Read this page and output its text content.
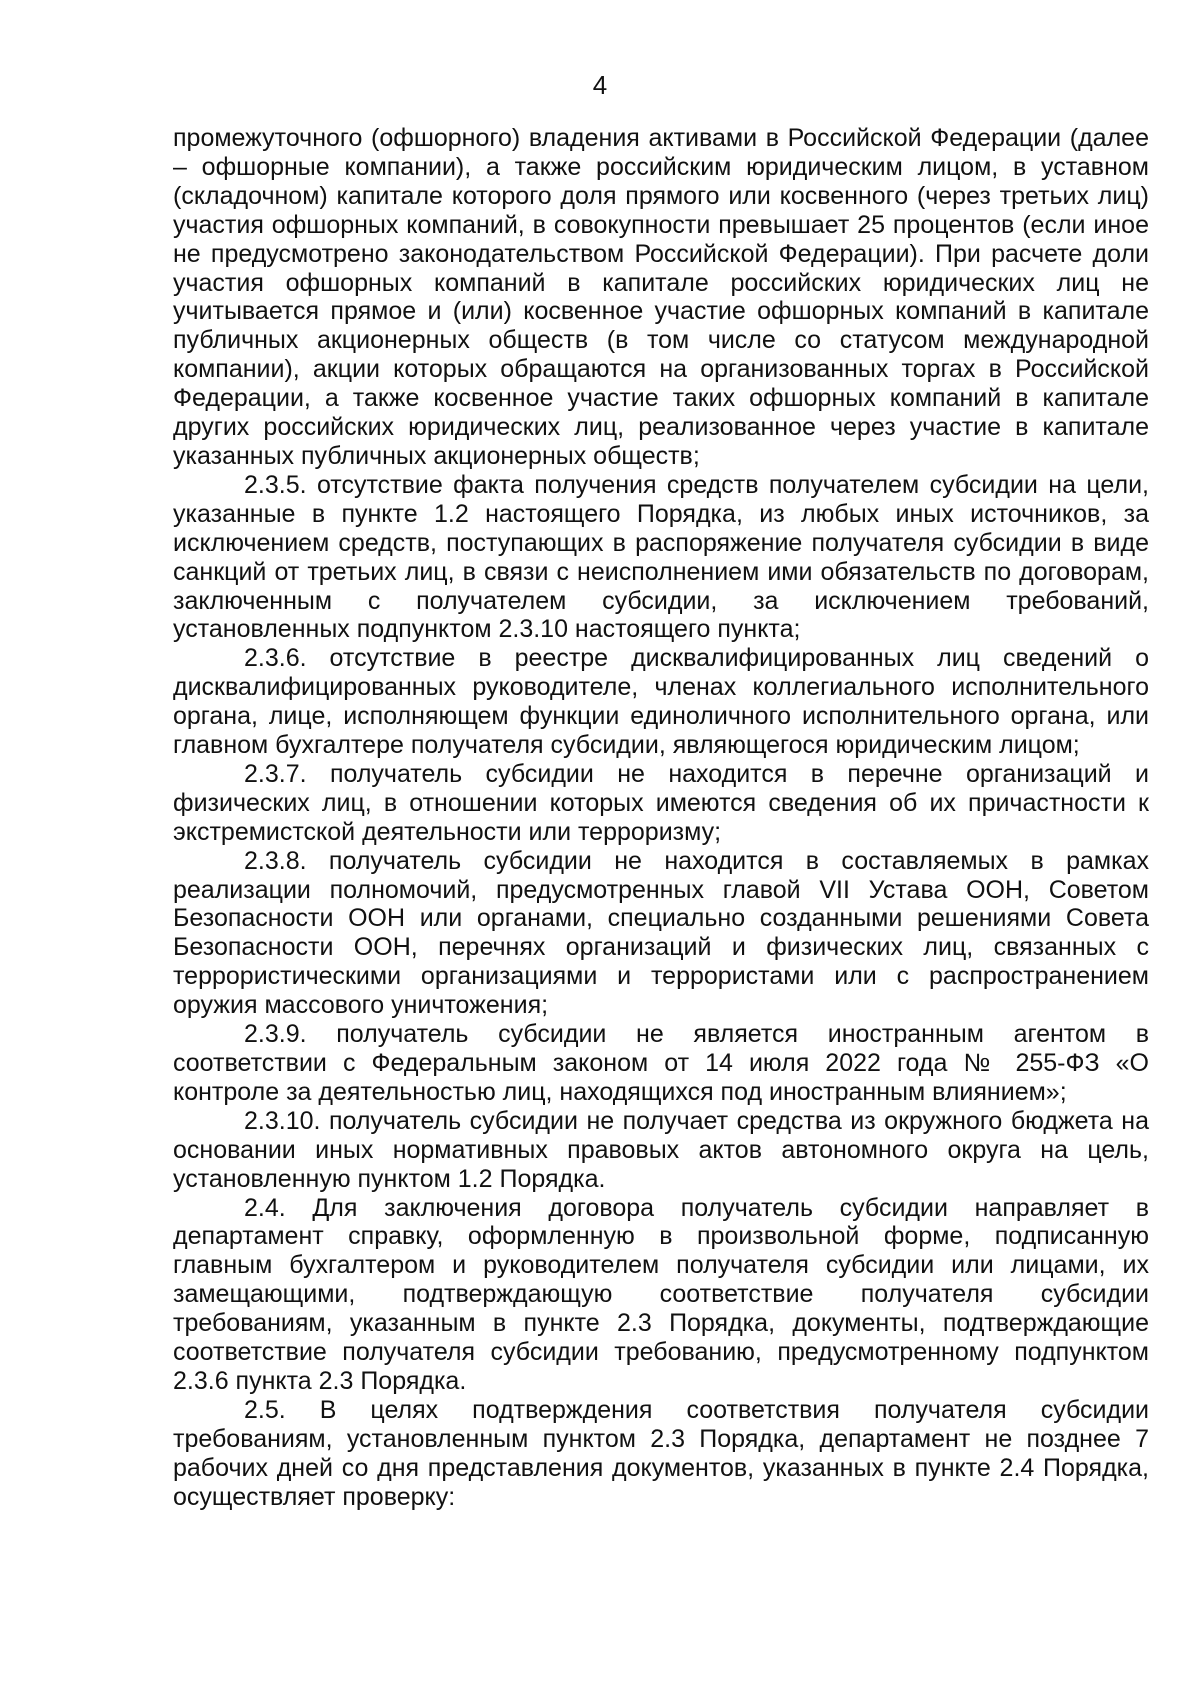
4

промежуточного (офшорного) владения активами в Российской Федерации (далее – офшорные компании), а также российским юридическим лицом, в уставном (складочном) капитале которого доля прямого или косвенного (через третьих лиц) участия офшорных компаний, в совокупности превышает 25 процентов (если иное не предусмотрено законодательством Российской Федерации). При расчете доли участия офшорных компаний в капитале российских юридических лиц не учитывается прямое и (или) косвенное участие офшорных компаний в капитале публичных акционерных обществ (в том числе со статусом международной компании), акции которых обращаются на организованных торгах в Российской Федерации, а также косвенное участие таких офшорных компаний в капитале других российских юридических лиц, реализованное через участие в капитале указанных публичных акционерных обществ;

2.3.5. отсутствие факта получения средств получателем субсидии на цели, указанные в пункте 1.2 настоящего Порядка, из любых иных источников, за исключением средств, поступающих в распоряжение получателя субсидии в виде санкций от третьих лиц, в связи с неисполнением ими обязательств по договорам, заключенным с получателем субсидии, за исключением требований, установленных подпунктом 2.3.10 настоящего пункта;

2.3.6. отсутствие в реестре дисквалифицированных лиц сведений о дисквалифицированных руководителе, членах коллегиального исполнительного органа, лице, исполняющем функции единоличного исполнительного органа, или главном бухгалтере получателя субсидии, являющегося юридическим лицом;

2.3.7. получатель субсидии не находится в перечне организаций и физических лиц, в отношении которых имеются сведения об их причастности к экстремистской деятельности или терроризму;

2.3.8. получатель субсидии не находится в составляемых в рамках реализации полномочий, предусмотренных главой VII Устава ООН, Советом Безопасности ООН или органами, специально созданными решениями Совета Безопасности ООН, перечнях организаций и физических лиц, связанных с террористическими организациями и террористами или с распространением оружия массового уничтожения;

2.3.9. получатель субсидии не является иностранным агентом в соответствии с Федеральным законом от 14 июля 2022 года № 255-ФЗ «О контроле за деятельностью лиц, находящихся под иностранным влиянием»;

2.3.10. получатель субсидии не получает средства из окружного бюджета на основании иных нормативных правовых актов автономного округа на цель, установленную пунктом 1.2 Порядка.

2.4. Для заключения договора получатель субсидии направляет в департамент справку, оформленную в произвольной форме, подписанную главным бухгалтером и руководителем получателя субсидии или лицами, их замещающими, подтверждающую соответствие получателя субсидии требованиям, указанным в пункте 2.3 Порядка, документы, подтверждающие соответствие получателя субсидии требованию, предусмотренному подпунктом 2.3.6 пункта 2.3 Порядка.

2.5. В целях подтверждения соответствия получателя субсидии требованиям, установленным пунктом 2.3 Порядка, департамент не позднее 7 рабочих дней со дня представления документов, указанных в пункте 2.4 Порядка, осуществляет проверку:
